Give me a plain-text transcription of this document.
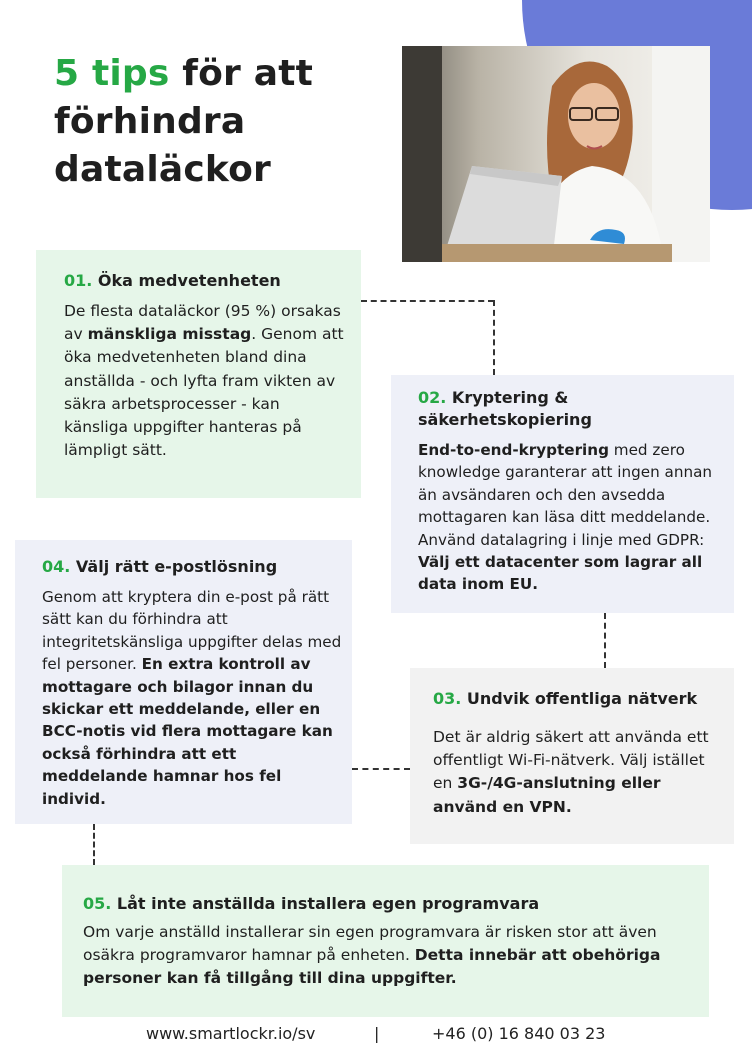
5 tips för att
förhindra
dataläckor

01. Öka medvetenheten

De flesta dataläckor (95 %) orsakas av mänskliga misstag. Genom att öka medvetenheten bland dina anställda - och lyfta fram vikten av säkra arbetsprocesser - kan känsliga uppgifter hanteras på lämpligt sätt.

02. Kryptering & säkerhetskopiering

End-to-end-kryptering med zero knowledge garanterar att ingen annan än avsändaren och den avsedda mottagaren kan läsa ditt meddelande. Använd datalagring i linje med GDPR: Välj ett datacenter som lagrar all data inom EU.

04. Välj rätt e-postlösning

Genom att kryptera din e-post på rätt sätt kan du förhindra att integritetskänsliga uppgifter delas med fel personer. En extra kontroll av mottagare och bilagor innan du skickar ett meddelande, eller en BCC-notis vid flera mottagare kan också förhindra att ett meddelande hamnar hos fel individ.

03. Undvik offentliga nätverk

Det är aldrig säkert att använda ett offentligt Wi-Fi-nätverk. Välj istället en 3G-/4G-anslutning eller använd en VPN.

05. Låt inte anställda installera egen programvara

Om varje anställd installerar sin egen programvara är risken stor att även osäkra programvaror hamnar på enheten. Detta innebär att obehöriga personer kan få tillgång till dina uppgifter.

www.smartlockr.io/sv	|	+46 (0) 16 840 03 23
